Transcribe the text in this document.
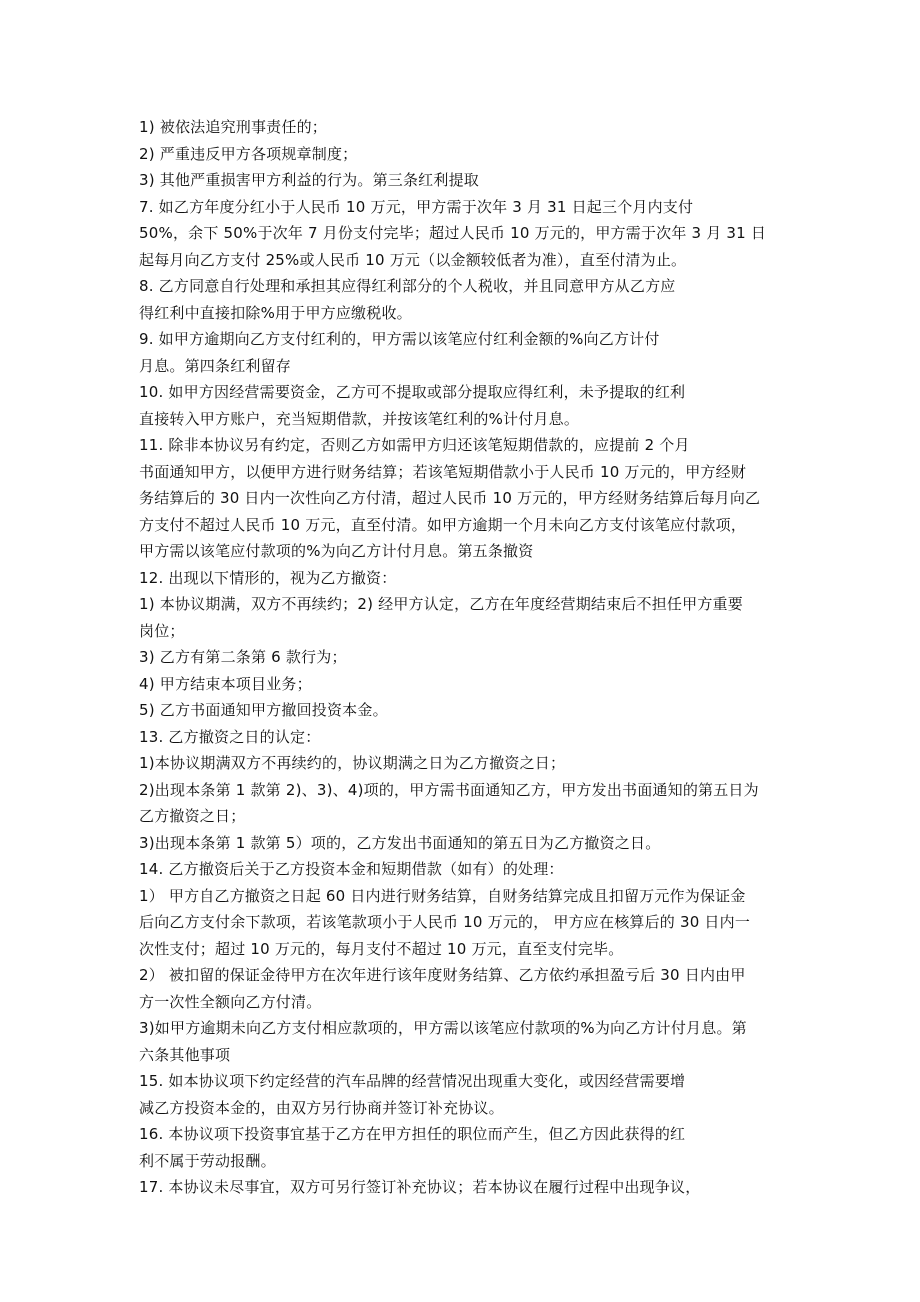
1) 被依法追究刑事责任的；
2) 严重违反甲方各项规章制度；
3) 其他严重损害甲方利益的行为。第三条红利提取
7. 如乙方年度分红小于人民币 10 万元，甲方需于次年 3 月 31 日起三个月内支付
50%，余下 50%于次年 7 月份支付完毕；超过人民币 10 万元的，甲方需于次年 3 月 31 日
起每月向乙方支付 25%或人民币 10 万元（以金额较低者为准），直至付清为止。
8. 乙方同意自行处理和承担其应得红利部分的个人税收，并且同意甲方从乙方应
得红利中直接扣除%用于甲方应缴税收。
9. 如甲方逾期向乙方支付红利的，甲方需以该笔应付红利金额的%向乙方计付
月息。第四条红利留存
10. 如甲方因经营需要资金，乙方可不提取或部分提取应得红利，未予提取的红利
直接转入甲方账户，充当短期借款，并按该笔红利的%计付月息。
11. 除非本协议另有约定，否则乙方如需甲方归还该笔短期借款的，应提前 2 个月
书面通知甲方，以便甲方进行财务结算；若该笔短期借款小于人民币 10 万元的，甲方经财
务结算后的 30 日内一次性向乙方付清，超过人民币 10 万元的，甲方经财务结算后每月向乙
方支付不超过人民币 10 万元，直至付清。如甲方逾期一个月未向乙方支付该笔应付款项，
甲方需以该笔应付款项的%为向乙方计付月息。第五条撤资
12. 出现以下情形的，视为乙方撤资：
1) 本协议期满，双方不再续约；2) 经甲方认定，乙方在年度经营期结束后不担任甲方重要
岗位；
3) 乙方有第二条第 6 款行为；
4) 甲方结束本项目业务；
5) 乙方书面通知甲方撤回投资本金。
13. 乙方撤资之日的认定：
1)本协议期满双方不再续约的，协议期满之日为乙方撤资之日；
2)出现本条第 1 款第 2)、3)、4)项的，甲方需书面通知乙方，甲方发出书面通知的第五日为
乙方撤资之日；
3)出现本条第 1 款第 5）项的，乙方发出书面通知的第五日为乙方撤资之日。
14. 乙方撤资后关于乙方投资本金和短期借款（如有）的处理：
1） 甲方自乙方撤资之日起 60 日内进行财务结算，自财务结算完成且扣留万元作为保证金
后向乙方支付余下款项，若该笔款项小于人民币 10 万元的， 甲方应在核算后的 30 日内一
次性支付；超过 10 万元的，每月支付不超过 10 万元，直至支付完毕。
2） 被扣留的保证金待甲方在次年进行该年度财务结算、乙方依约承担盈亏后 30 日内由甲
方一次性全额向乙方付清。
3)如甲方逾期未向乙方支付相应款项的，甲方需以该笔应付款项的%为向乙方计付月息。第
六条其他事项
15. 如本协议项下约定经营的汽车品牌的经营情况出现重大变化，或因经营需要增
减乙方投资本金的，由双方另行协商并签订补充协议。
16. 本协议项下投资事宜基于乙方在甲方担任的职位而产生，但乙方因此获得的红
利不属于劳动报酬。
17. 本协议未尽事宜，双方可另行签订补充协议；若本协议在履行过程中出现争议，
